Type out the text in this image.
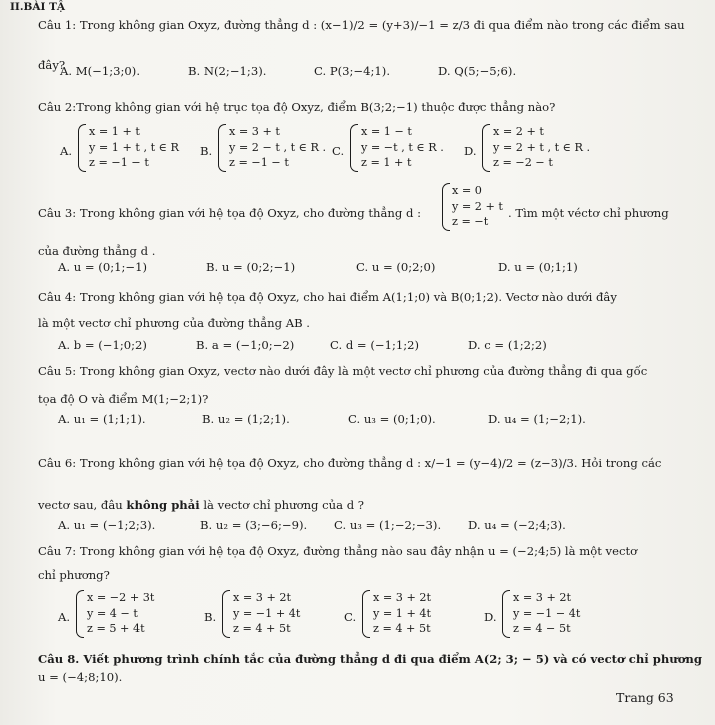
II.BÀI TẬ
Câu 1: Trong không gian Oxyz, đường thẳng d : (x−1)/2 = (y+3)/−1 = z/3 đi qua điểm nào trong các điểm sau
đây?
A. M(−1;3;0).	B. N(2;−1;3).	C. P(3;−4;1).	D. Q(5;−5;6).
Câu 2:Trong không gian với hệ trục tọa độ Oxyz, điểm B(3;2;−1) thuộc được thẳng nào?
A.
x = 1 + t
y = 1 + t , t ∈ R
z = −1 − t
B.
x = 3 + t
y = 2 − t , t ∈ R .
z = −1 − t
C.
x = 1 − t
y = −t , t ∈ R .
z = 1 + t
D.
x = 2 + t
y = 2 + t , t ∈ R .
z = −2 − t
Câu 3: Trong không gian với hệ tọa độ Oxyz, cho đường thẳng d :
x = 0
y = 2 + t
z = −t
. Tìm một véctơ chỉ phương
của đường thẳng d .
A. u = (0;1;−1)	B. u = (0;2;−1)	C. u = (0;2;0)	D. u = (0;1;1)
Câu 4: Trong không gian với hệ tọa độ Oxyz, cho hai điểm A(1;1;0) và B(0;1;2). Vectơ nào dưới đây
là một vectơ chỉ phương của đường thẳng AB .
A. b = (−1;0;2)	B. a = (−1;0;−2)	C. d = (−1;1;2)	D. c = (1;2;2)
Câu 5: Trong không gian Oxyz, vectơ nào dưới đây là một vectơ chỉ phương của đường thẳng đi qua gốc
tọa độ O và điểm M(1;−2;1)?
A. u₁ = (1;1;1).	B. u₂ = (1;2;1).	C. u₃ = (0;1;0).	D. u₄ = (1;−2;1).
Câu 6: Trong không gian với hệ tọa độ Oxyz, cho đường thẳng d : x/−1 = (y−4)/2 = (z−3)/3. Hỏi trong các
vectơ sau, đâu không phải là vectơ chỉ phương của d ?
A. u₁ = (−1;2;3).	B. u₂ = (3;−6;−9). C. u₃ = (1;−2;−3). D. u₄ = (−2;4;3).
Câu 7: Trong không gian với hệ tọa độ Oxyz, đường thẳng nào sau đây nhận u = (−2;4;5) là một vectơ
chỉ phương?
A.
x = −2 + 3t
y = 4 − t
z = 5 + 4t
B.
x = 3 + 2t
y = −1 + 4t
z = 4 + 5t
C.
x = 3 + 2t
y = 1 + 4t
z = 4 + 5t
D.
x = 3 + 2t
y = −1 − 4t
z = 4 − 5t
Câu 8. Viết phương trình chính tắc của đường thẳng d đi qua điểm A(2; 3; − 5) và có vectơ chỉ phương
u = (−4;8;10).
Trang 63
